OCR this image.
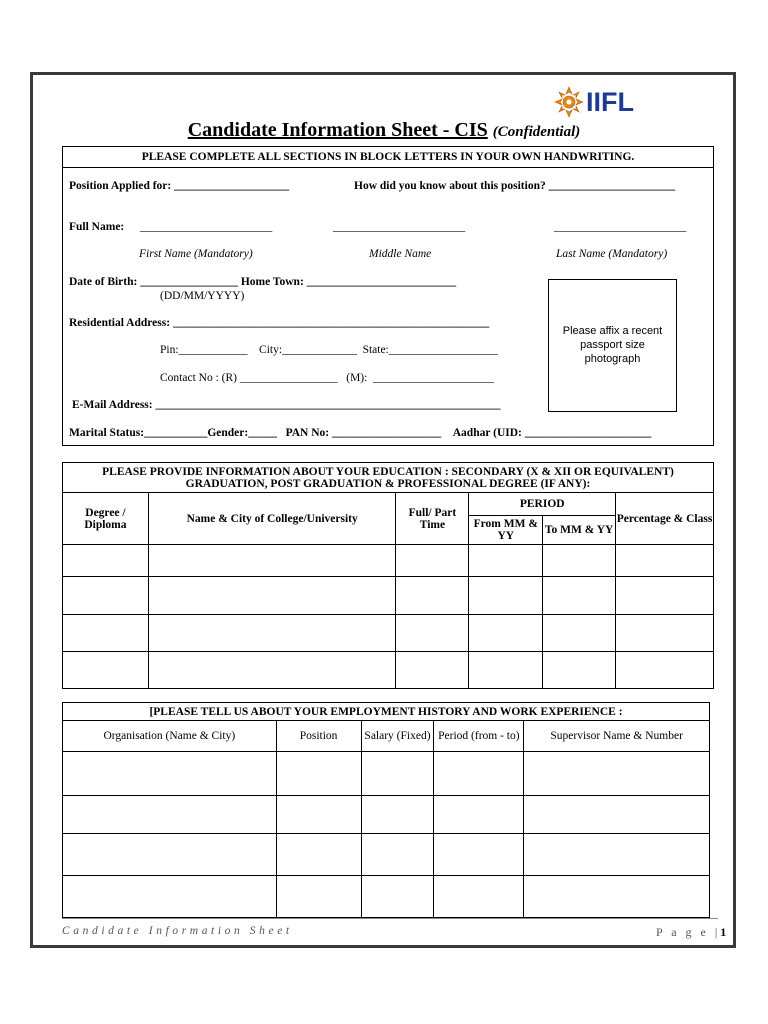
IIFL
Candidate Information Sheet - CIS (Confidential)
PLEASE COMPLETE ALL SECTIONS IN BLOCK LETTERS IN YOUR OWN HANDWRITING.
Position Applied for: ____________________	How did you know about this position? ______________________
Full Name: _______________________	_______________________	_______________________
First Name (Mandatory)	Middle Name	Last Name (Mandatory)
Date of Birth: _________________ Home Town: __________________________
(DD/MM/YYYY)
Residential Address: _______________________________________________________
Pin:____________ City:_____________ State:___________________
Contact No : (R) _________________ (M): _____________________
E-Mail Address: ____________________________________________________________
Marital Status:___________Gender:_____ PAN No: ___________________ Aadhar (UID: ______________________
Please affix a recent passport size photograph
PLEASE PROVIDE INFORMATION ABOUT YOUR EDUCATION : SECONDARY (X & XII OR EQUIVALENT)
GRADUATION, POST GRADUATION & PROFESSIONAL DEGREE (IF ANY):					

Degree / Diploma	Name & City of College/University	Full/ Part Time	PERIOD		Percentage & Class
			From MM & YY	To MM & YY	

[PLEASE TELL US ABOUT YOUR EMPLOYMENT HISTORY AND WORK EXPERIENCE :				
Organisation (Name & City)	Position	Salary (Fixed)	Period (from - to)	Supervisor Name & Number

Candidate Information Sheet	P a g e |1
